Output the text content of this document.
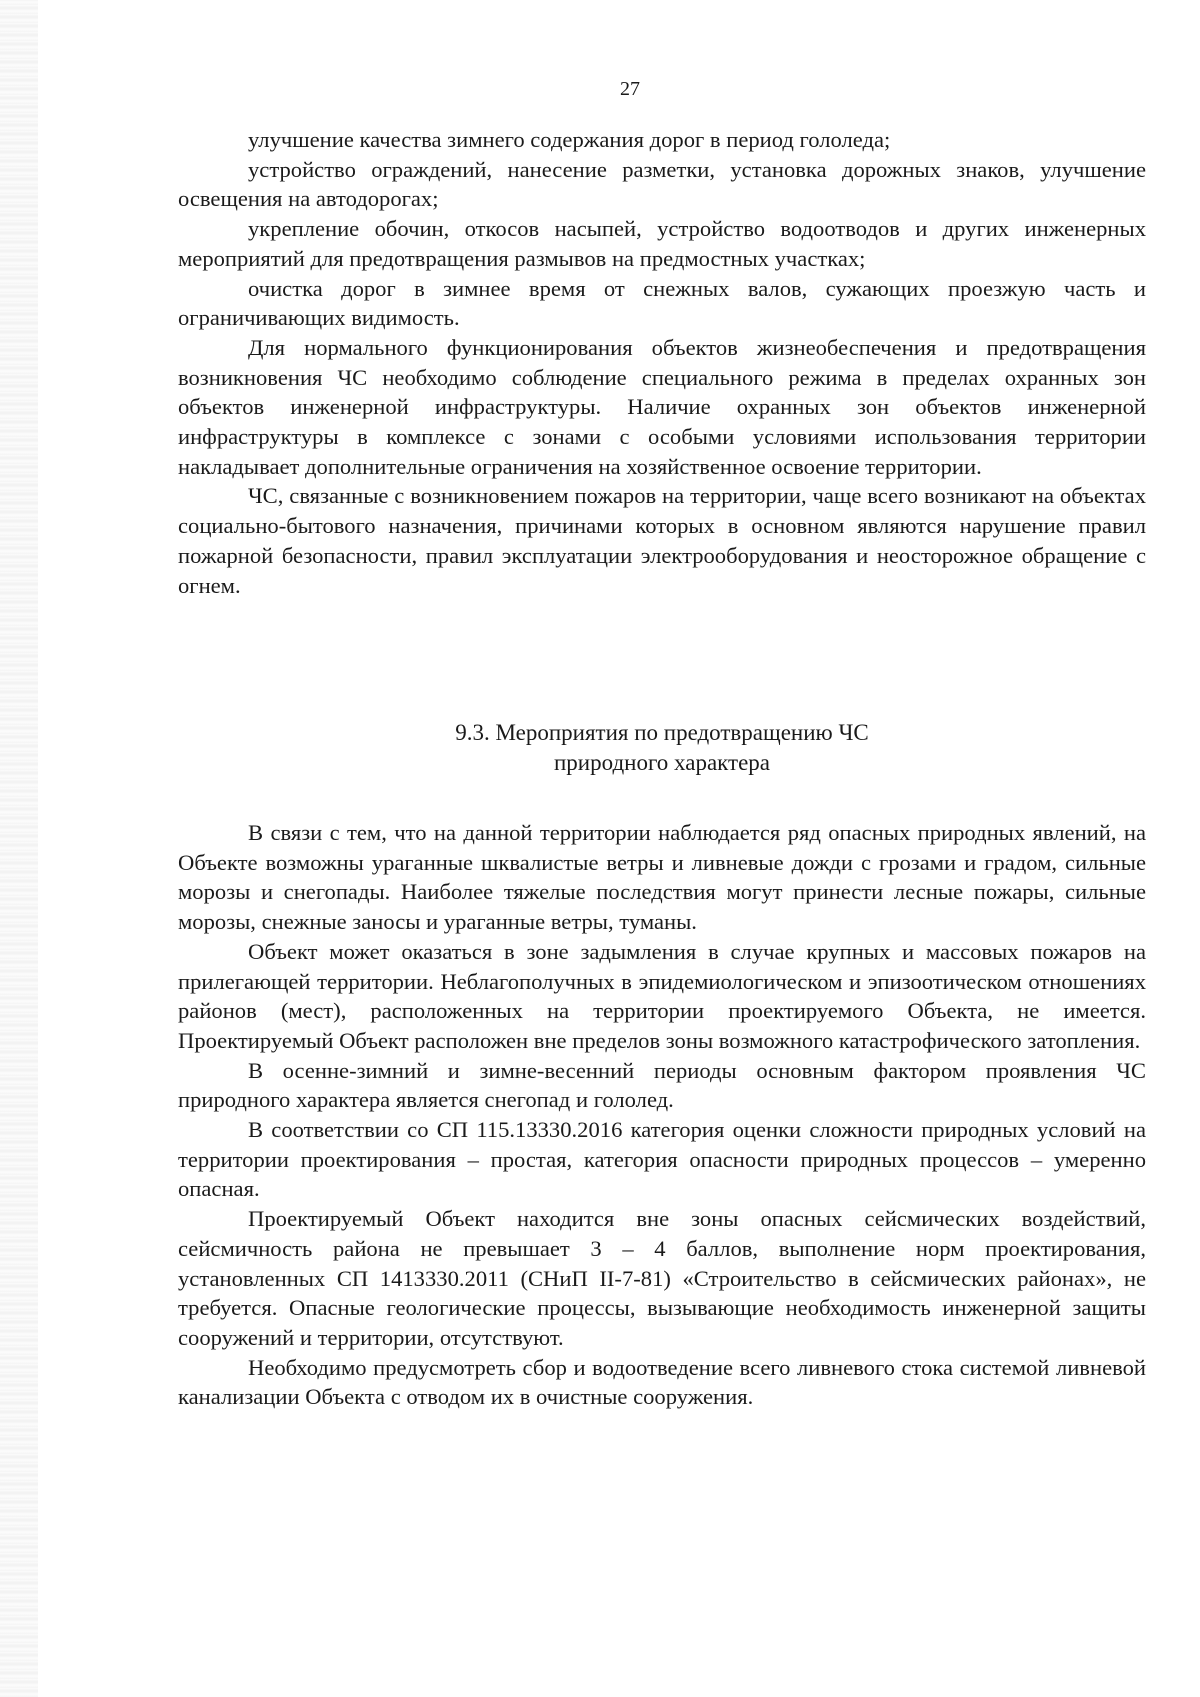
27

улучшение качества зимнего содержания дорог в период гололеда;

устройство ограждений, нанесение разметки, установка дорожных знаков, улучшение освещения на автодорогах;

укрепление обочин, откосов насыпей, устройство водоотводов и других инженерных мероприятий для предотвращения размывов на предмостных участках;

очистка дорог в зимнее время от снежных валов, сужающих проезжую часть и ограничивающих видимость.

Для нормального функционирования объектов жизнеобеспечения и предотвращения возникновения ЧС необходимо соблюдение специального режима в пределах охранных зон объектов инженерной инфраструктуры. Наличие охранных зон объектов инженерной инфраструктуры в комплексе с зонами с особыми условиями использования территории накладывает дополнительные ограничения на хозяйственное освоение территории.

ЧС, связанные с возникновением пожаров на территории, чаще всего возникают на объектах социально-бытового назначения, причинами которых в основном являются нарушение правил пожарной безопасности, правил эксплуатации электрооборудования и неосторожное обращение с огнем.

9.3. Мероприятия по предотвращению ЧС
природного характера

В связи с тем, что на данной территории наблюдается ряд опасных природных явлений, на Объекте возможны ураганные шквалистые ветры и ливневые дожди с грозами и градом, сильные морозы и снегопады. Наиболее тяжелые последствия могут принести лесные пожары, сильные морозы, снежные заносы и ураганные ветры, туманы.

Объект может оказаться в зоне задымления в случае крупных и массовых пожаров на прилегающей территории. Неблагополучных в эпидемиологическом и эпизоотическом отношениях районов (мест), расположенных на территории проектируемого Объекта, не имеется. Проектируемый Объект расположен вне пределов зоны возможного катастрофического затопления.

В осенне-зимний и зимне-весенний периоды основным фактором проявления ЧС природного характера является снегопад и гололед.

В соответствии со СП 115.13330.2016 категория оценки сложности природных условий на территории проектирования – простая, категория опасности природных процессов – умеренно опасная.

Проектируемый Объект находится вне зоны опасных сейсмических воздействий, сейсмичность района не превышает 3 – 4 баллов, выполнение норм проектирования, установленных СП 1413330.2011 (СНиП II-7-81) «Строительство в сейсмических районах», не требуется. Опасные геологические процессы, вызывающие необходимость инженерной защиты сооружений и территории, отсутствуют.

Необходимо предусмотреть сбор и водоотведение всего ливневого стока системой ливневой канализации Объекта с отводом их в очистные сооружения.
